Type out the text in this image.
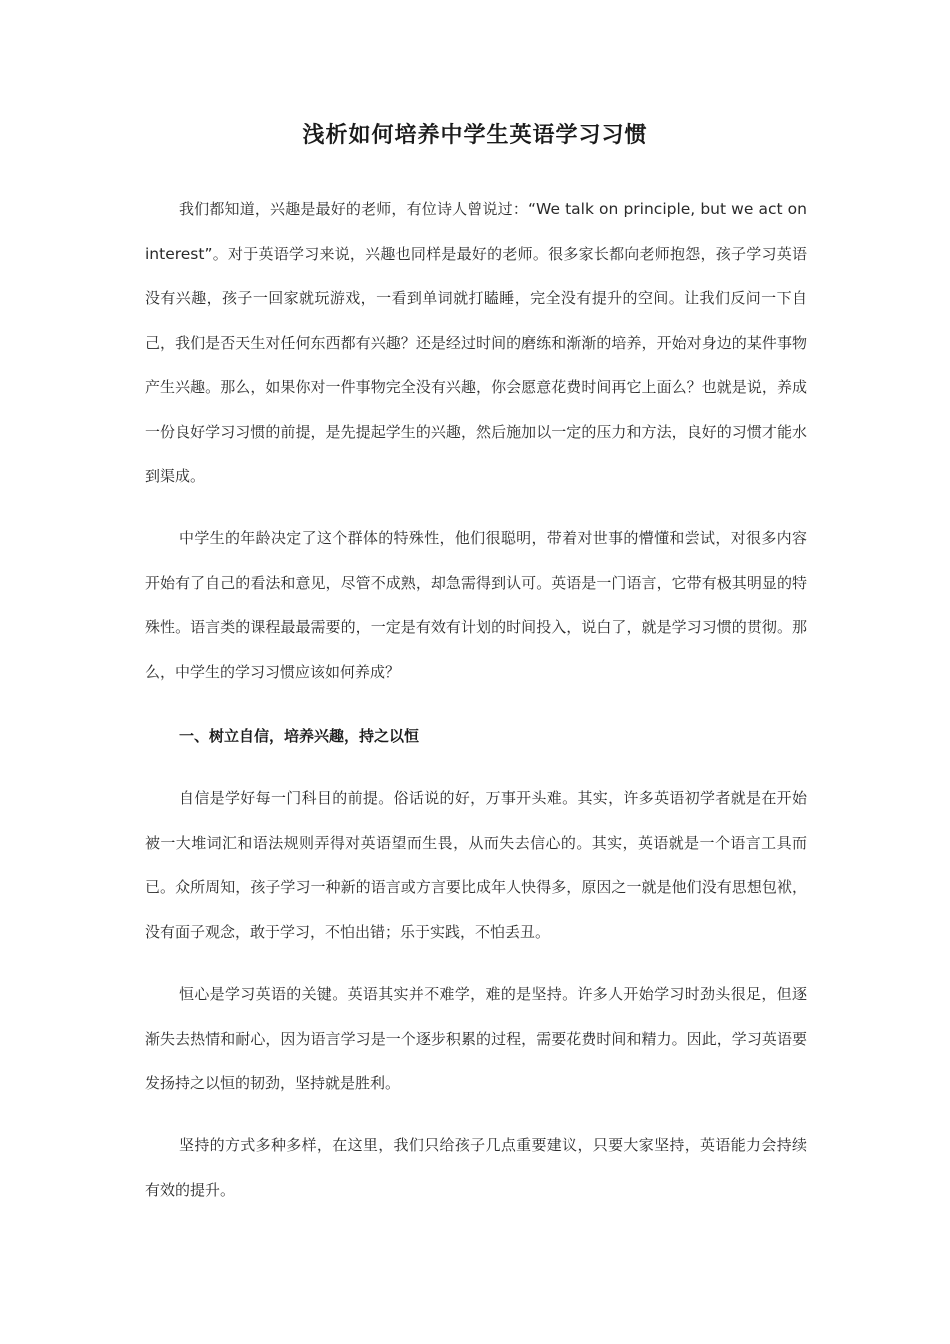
浅析如何培养中学生英语学习习惯

我们都知道，兴趣是最好的老师，有位诗人曾说过：“We talk on principle, but we act on interest”。对于英语学习来说，兴趣也同样是最好的老师。很多家长都向老师抱怨，孩子学习英语没有兴趣，孩子一回家就玩游戏，一看到单词就打瞌睡，完全没有提升的空间。让我们反问一下自己，我们是否天生对任何东西都有兴趣？还是经过时间的磨练和渐渐的培养，开始对身边的某件事物产生兴趣。那么，如果你对一件事物完全没有兴趣，你会愿意花费时间再它上面么？也就是说，养成一份良好学习习惯的前提，是先提起学生的兴趣，然后施加以一定的压力和方法，良好的习惯才能水到渠成。

中学生的年龄决定了这个群体的特殊性，他们很聪明，带着对世事的懵懂和尝试，对很多内容开始有了自己的看法和意见，尽管不成熟，却急需得到认可。英语是一门语言，它带有极其明显的特殊性。语言类的课程最最需要的，一定是有效有计划的时间投入，说白了，就是学习习惯的贯彻。那么，中学生的学习习惯应该如何养成？

一、树立自信，培养兴趣，持之以恒

自信是学好每一门科目的前提。俗话说的好，万事开头难。其实，许多英语初学者就是在开始被一大堆词汇和语法规则弄得对英语望而生畏，从而失去信心的。其实，英语就是一个语言工具而已。众所周知，孩子学习一种新的语言或方言要比成年人快得多，原因之一就是他们没有思想包袱，没有面子观念，敢于学习，不怕出错；乐于实践，不怕丢丑。

恒心是学习英语的关键。英语其实并不难学，难的是坚持。许多人开始学习时劲头很足，但逐渐失去热情和耐心，因为语言学习是一个逐步积累的过程，需要花费时间和精力。因此，学习英语要发扬持之以恒的韧劲，坚持就是胜利。

坚持的方式多种多样，在这里，我们只给孩子几点重要建议，只要大家坚持，英语能力会持续有效的提升。
